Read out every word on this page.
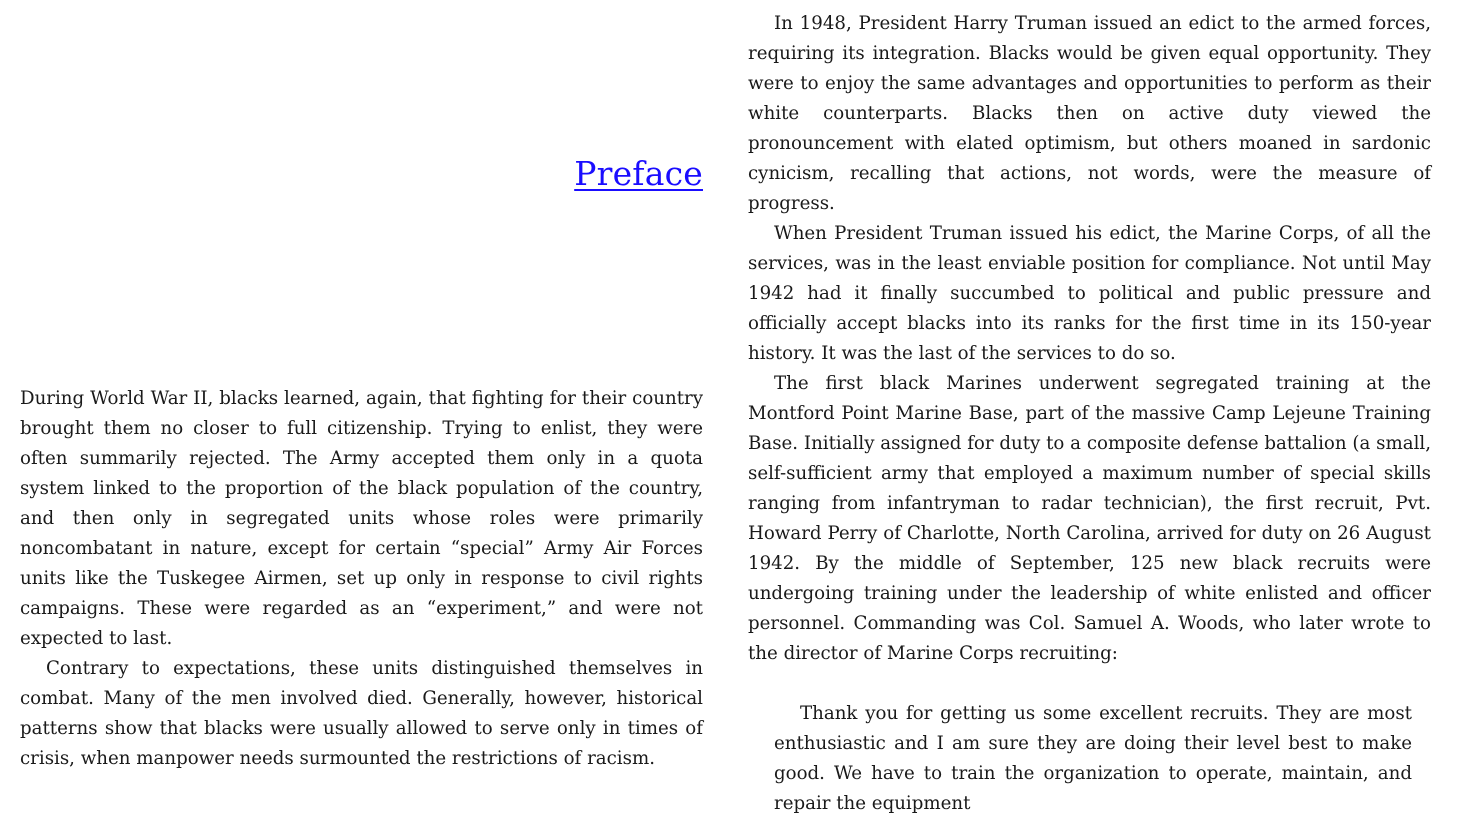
Preface

During World War II, blacks learned, again, that fighting for their country brought them no closer to full citizenship. Trying to enlist, they were often summarily rejected. The Army accepted them only in a quota system linked to the proportion of the black population of the country, and then only in segregated units whose roles were primarily noncombatant in nature, except for certain “special” Army Air Forces units like the Tuskegee Airmen, set up only in response to civil rights campaigns. These were regarded as an “experiment,” and were not expected to last.

Contrary to expectations, these units distinguished themselves in combat. Many of the men involved died. Generally, however, historical patterns show that blacks were usually allowed to serve only in times of crisis, when manpower needs surmounted the restrictions of racism.

In 1948, President Harry Truman issued an edict to the armed forces, requiring its integration. Blacks would be given equal opportunity. They were to enjoy the same advantages and opportunities to perform as their white counterparts. Blacks then on active duty viewed the pronouncement with elated optimism, but others moaned in sardonic cynicism, recalling that actions, not words, were the measure of progress.

When President Truman issued his edict, the Marine Corps, of all the services, was in the least enviable position for compliance. Not until May 1942 had it finally succumbed to political and public pressure and officially accept blacks into its ranks for the first time in its 150-year history. It was the last of the services to do so.

The first black Marines underwent segregated training at the Montford Point Marine Base, part of the massive Camp Lejeune Training Base. Initially assigned for duty to a composite defense battalion (a small, self-sufficient army that employed a maximum number of special skills ranging from infantryman to radar technician), the first recruit, Pvt. Howard Perry of Charlotte, North Carolina, arrived for duty on 26 August 1942. By the middle of September, 125 new black recruits were undergoing training under the leadership of white enlisted and officer personnel. Commanding was Col. Samuel A. Woods, who later wrote to the director of Marine Corps recruiting:

Thank you for getting us some excellent recruits. They are most enthusiastic and I am sure they are doing their level best to make good. We have to train the organization to operate, maintain, and repair the equipment
